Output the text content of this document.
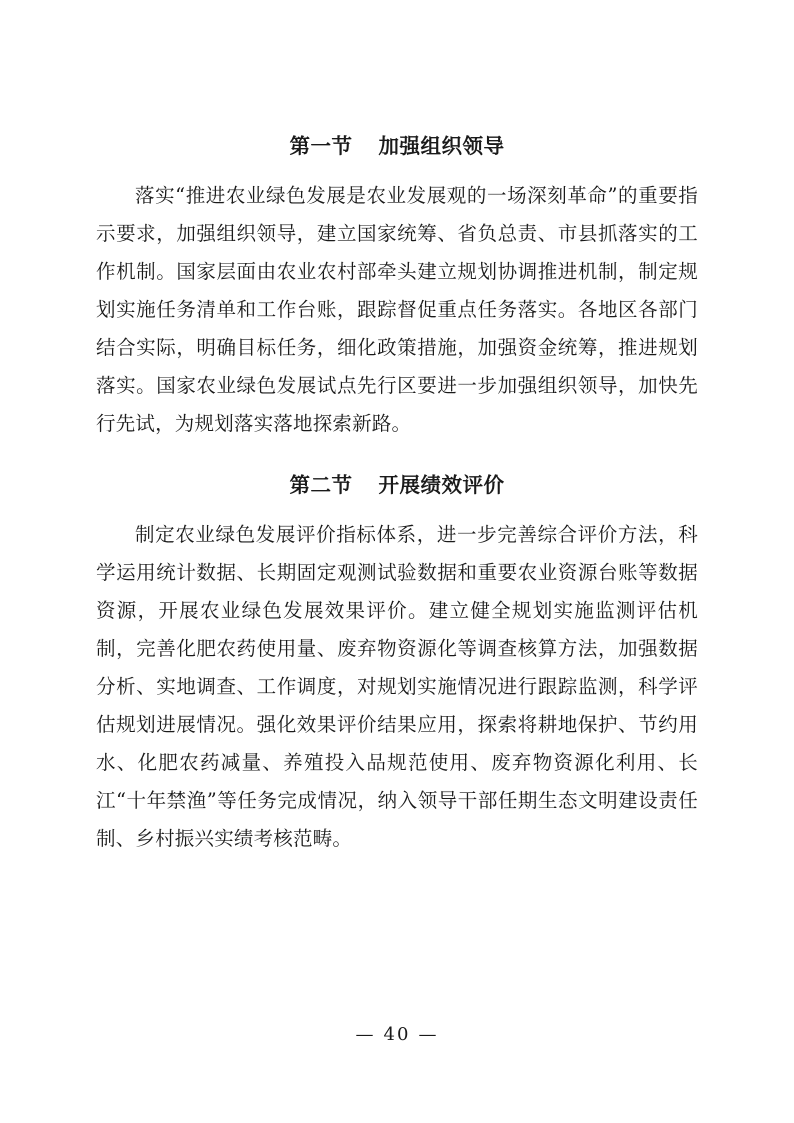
第一节 加强组织领导

落实“推进农业绿色发展是农业发展观的一场深刻革命”的重要指示要求，加强组织领导，建立国家统筹、省负总责、市县抓落实的工作机制。国家层面由农业农村部牵头建立规划协调推进机制，制定规划实施任务清单和工作台账，跟踪督促重点任务落实。各地区各部门结合实际，明确目标任务，细化政策措施，加强资金统筹，推进规划落实。国家农业绿色发展试点先行区要进一步加强组织领导，加快先行先试，为规划落实落地探索新路。

第二节 开展绩效评价

制定农业绿色发展评价指标体系，进一步完善综合评价方法，科学运用统计数据、长期固定观测试验数据和重要农业资源台账等数据资源，开展农业绿色发展效果评价。建立健全规划实施监测评估机制，完善化肥农药使用量、废弃物资源化等调查核算方法，加强数据分析、实地调查、工作调度，对规划实施情况进行跟踪监测，科学评估规划进展情况。强化效果评价结果应用，探索将耕地保护、节约用水、化肥农药减量、养殖投入品规范使用、废弃物资源化利用、长江“十年禁渔”等任务完成情况，纳入领导干部任期生态文明建设责任制、乡村振兴实绩考核范畴。

— 40 —
